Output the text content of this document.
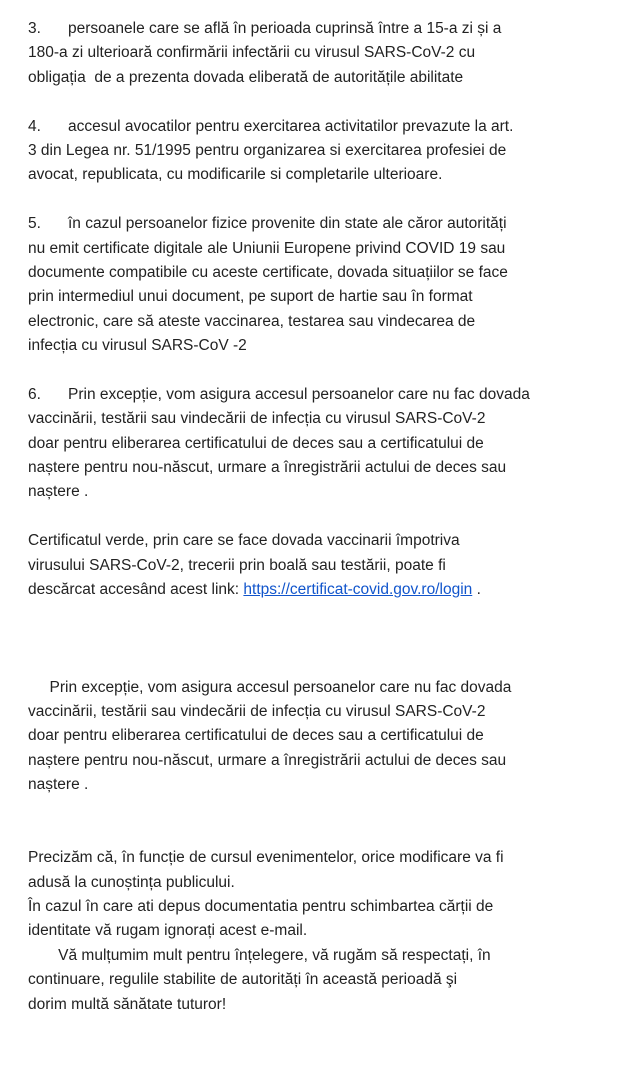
3. persoanele care se află în perioada cuprinsă între a 15-a zi și a
180-a zi ulterioară confirmării infectării cu virusul SARS-CoV-2 cu
obligația  de a prezenta dovada eliberată de autoritățile abilitate
4. accesul avocatilor pentru exercitarea activitatilor prevazute la art.
3 din Legea nr. 51/1995 pentru organizarea si exercitarea profesiei de
avocat, republicata, cu modificarile si completarile ulterioare.
5. în cazul persoanelor fizice provenite din state ale căror autorități
nu emit certificate digitale ale Uniunii Europene privind COVID 19 sau
documente compatibile cu aceste certificate, dovada situațiilor se face
prin intermediul unui document, pe suport de hartie sau în format
electronic, care să ateste vaccinarea, testarea sau vindecarea de
infecția cu virusul SARS-CoV -2
6. Prin excepție, vom asigura accesul persoanelor care nu fac dovada
vaccinării, testării sau vindecării de infecția cu virusul SARS-CoV-2
doar pentru eliberarea certificatului de deces sau a certificatului de
naștere pentru nou-născut, urmare a înregistrării actului de deces sau
naștere .
Certificatul verde, prin care se face dovada vaccinarii împotriva
virusului SARS-CoV-2, trecerii prin boală sau testării, poate fi
descărcat accesând acest link: https://certificat-covid.gov.ro/login .
Prin excepție, vom asigura accesul persoanelor care nu fac dovada
vaccinării, testării sau vindecării de infecția cu virusul SARS-CoV-2
doar pentru eliberarea certificatului de deces sau a certificatului de
naștere pentru nou-născut, urmare a înregistrării actului de deces sau
naștere .
Precizăm că, în funcție de cursul evenimentelor, orice modificare va fi
adusă la cunoștința publicului.
În cazul în care ati depus documentatia pentru schimbartea cărții de
identitate vă rugam ignorați acest e-mail.
Vă mulțumim mult pentru înțelegere, vă rugăm să respectați, în
continuare, regulile stabilite de autorități în această perioadă şi
dorim multă sănătate tuturor!
